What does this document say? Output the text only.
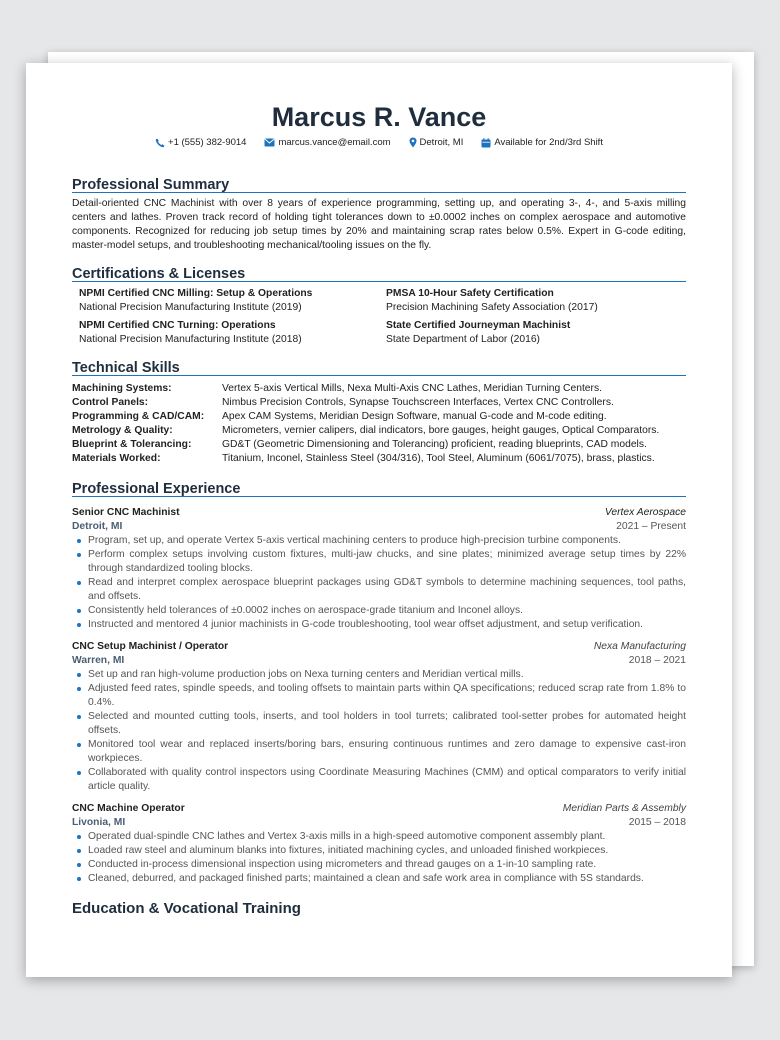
Marcus R. Vance
+1 (555) 382-9014	marcus.vance@email.com	Detroit, MI	Available for 2nd/3rd Shift
Professional Summary

Detail-oriented CNC Machinist with over 8 years of experience programming, setting up, and operating 3-, 4-, and 5-axis milling centers and lathes. Proven track record of holding tight tolerances down to ±0.0002 inches on complex aerospace and automotive components. Recognized for reducing job setup times by 20% and maintaining scrap rates below 0.5%. Expert in G-code editing, master-model setups, and troubleshooting mechanical/tooling issues on the fly.

Certifications & Licenses
NPMI Certified CNC Milling: Setup & Operations
National Precision Manufacturing Institute (2019)
PMSA 10-Hour Safety Certification
Precision Machining Safety Association (2017)
NPMI Certified CNC Turning: Operations
National Precision Manufacturing Institute (2018)
State Certified Journeyman Machinist
State Department of Labor (2016)
Technical Skills
Machining Systems:	Vertex 5-axis Vertical Mills, Nexa Multi-Axis CNC Lathes, Meridian Turning Centers.
Control Panels:	Nimbus Precision Controls, Synapse Touchscreen Interfaces, Vertex CNC Controllers.
Programming & CAD/CAM:	Apex CAM Systems, Meridian Design Software, manual G-code and M-code editing.
Metrology & Quality:	Micrometers, vernier calipers, dial indicators, bore gauges, height gauges, Optical Comparators.
Blueprint & Tolerancing:	GD&T (Geometric Dimensioning and Tolerancing) proficient, reading blueprints, CAD models.
Materials Worked:	Titanium, Inconel, Stainless Steel (304/316), Tool Steel, Aluminum (6061/7075), brass, plastics.
Professional Experience
Senior CNC Machinist	Vertex Aerospace
Detroit, MI	2021 – Present
Program, set up, and operate Vertex 5-axis vertical machining centers to produce high-precision turbine components.
Perform complex setups involving custom fixtures, multi-jaw chucks, and sine plates; minimized average setup times by 22% through standardized tooling blocks.
Read and interpret complex aerospace blueprint packages using GD&T symbols to determine machining sequences, tool paths, and offsets.
Consistently held tolerances of ±0.0002 inches on aerospace-grade titanium and Inconel alloys.
Instructed and mentored 4 junior machinists in G-code troubleshooting, tool wear offset adjustment, and setup verification.
CNC Setup Machinist / Operator	Nexa Manufacturing
Warren, MI	2018 – 2021
Set up and ran high-volume production jobs on Nexa turning centers and Meridian vertical mills.
Adjusted feed rates, spindle speeds, and tooling offsets to maintain parts within QA specifications; reduced scrap rate from 1.8% to 0.4%.
Selected and mounted cutting tools, inserts, and tool holders in tool turrets; calibrated tool-setter probes for automated height offsets.
Monitored tool wear and replaced inserts/boring bars, ensuring continuous runtimes and zero damage to expensive cast-iron workpieces.
Collaborated with quality control inspectors using Coordinate Measuring Machines (CMM) and optical comparators to verify initial article quality.
CNC Machine Operator	Meridian Parts & Assembly
Livonia, MI	2015 – 2018
Operated dual-spindle CNC lathes and Vertex 3-axis mills in a high-speed automotive component assembly plant.
Loaded raw steel and aluminum blanks into fixtures, initiated machining cycles, and unloaded finished workpieces.
Conducted in-process dimensional inspection using micrometers and thread gauges on a 1-in-10 sampling rate.
Cleaned, deburred, and packaged finished parts; maintained a clean and safe work area in compliance with 5S standards.
Education & Vocational Training
